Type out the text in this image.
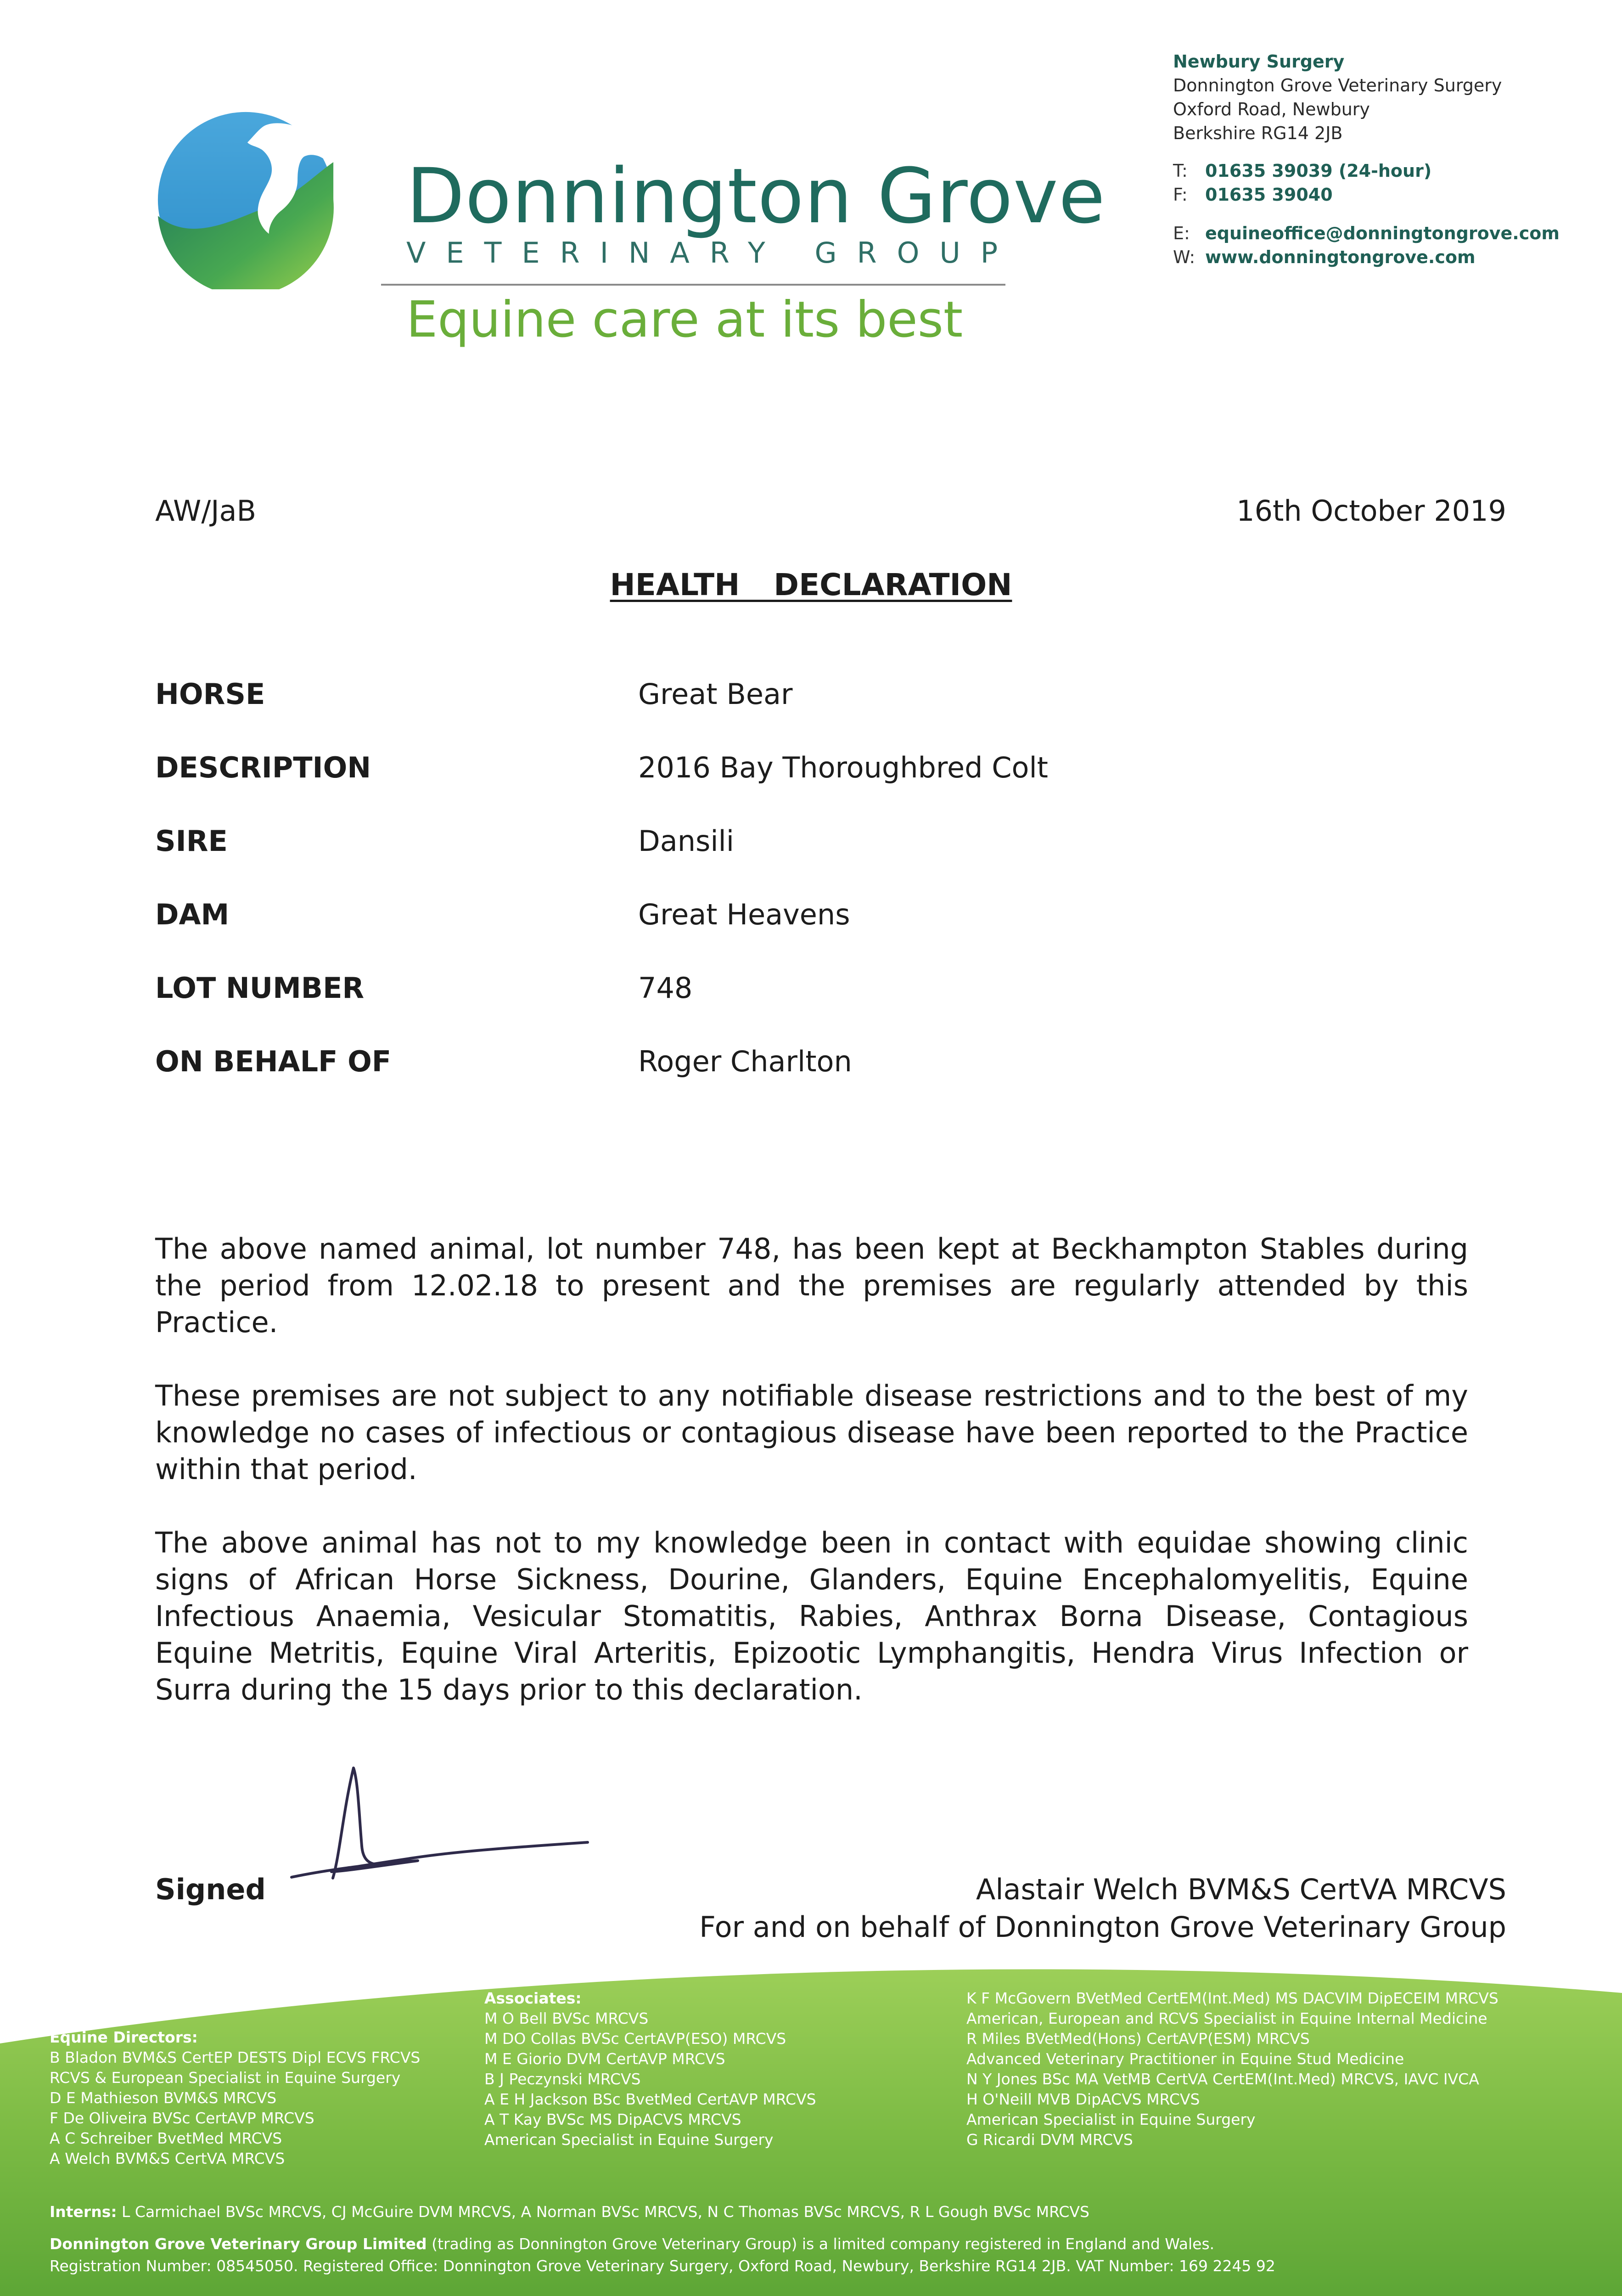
Donnington Grove
VETERINARY GROUP
Equine care at its best
Newbury Surgery
Donnington Grove Veterinary Surgery
Oxford Road, Newbury
Berkshire RG14 2JB
T: 01635 39039 (24-hour)
F: 01635 39040
E: equineoffice@donningtongrove.com
W: www.donningtongrove.com
AW/JaB	16th October 2019
HEALTH  DECLARATION
HORSE	Great Bear
DESCRIPTION	2016 Bay Thoroughbred Colt
SIRE	Dansili
DAM	Great Heavens
LOT NUMBER	748
ON BEHALF OF	Roger Charlton
The above named animal, lot number 748, has been kept at Beckhampton Stables during the period from 12.02.18 to present and the premises are regularly attended by this Practice.
These premises are not subject to any notifiable disease restrictions and to the best of my knowledge no cases of infectious or contagious disease have been reported to the Practice within that period.
The above animal has not to my knowledge been in contact with equidae showing clinic signs of African Horse Sickness, Dourine, Glanders, Equine Encephalomyelitis, Equine Infectious Anaemia, Vesicular Stomatitis, Rabies, Anthrax Borna Disease, Contagious Equine Metritis, Equine Viral Arteritis, Epizootic Lymphangitis, Hendra Virus Infection or Surra during the 15 days prior to this declaration.
Signed	Alastair Welch BVM&S CertVA MRCVS
For and on behalf of Donnington Grove Veterinary Group
Equine Directors:
B Bladon BVM&S CertEP DESTS Dipl ECVS FRCVS
RCVS & European Specialist in Equine Surgery
D E Mathieson BVM&S MRCVS
F De Oliveira BVSc CertAVP MRCVS
A C Schreiber BvetMed MRCVS
A Welch BVM&S CertVA MRCVS
Associates:
M O Bell BVSc MRCVS
M DO Collas BVSc CertAVP(ESO) MRCVS
M E Giorio DVM CertAVP MRCVS
B J Peczynski MRCVS
A E H Jackson BSc BvetMed CertAVP MRCVS
A T Kay BVSc MS DipACVS MRCVS
American Specialist in Equine Surgery
K F McGovern BVetMed CertEM(Int.Med) MS DACVIM DipECEIM MRCVS
American, European and RCVS Specialist in Equine Internal Medicine
R Miles BVetMed(Hons) CertAVP(ESM) MRCVS
Advanced Veterinary Practitioner in Equine Stud Medicine
N Y Jones BSc MA VetMB CertVA CertEM(Int.Med) MRCVS, IAVC IVCA
H O'Neill MVB DipACVS MRCVS
American Specialist in Equine Surgery
G Ricardi DVM MRCVS
Interns: L Carmichael BVSc MRCVS, CJ McGuire DVM MRCVS, A Norman BVSc MRCVS, N C Thomas BVSc MRCVS, R L Gough BVSc MRCVS
Donnington Grove Veterinary Group Limited (trading as Donnington Grove Veterinary Group) is a limited company registered in England and Wales.
Registration Number: 08545050. Registered Office: Donnington Grove Veterinary Surgery, Oxford Road, Newbury, Berkshire RG14 2JB. VAT Number: 169 2245 92
